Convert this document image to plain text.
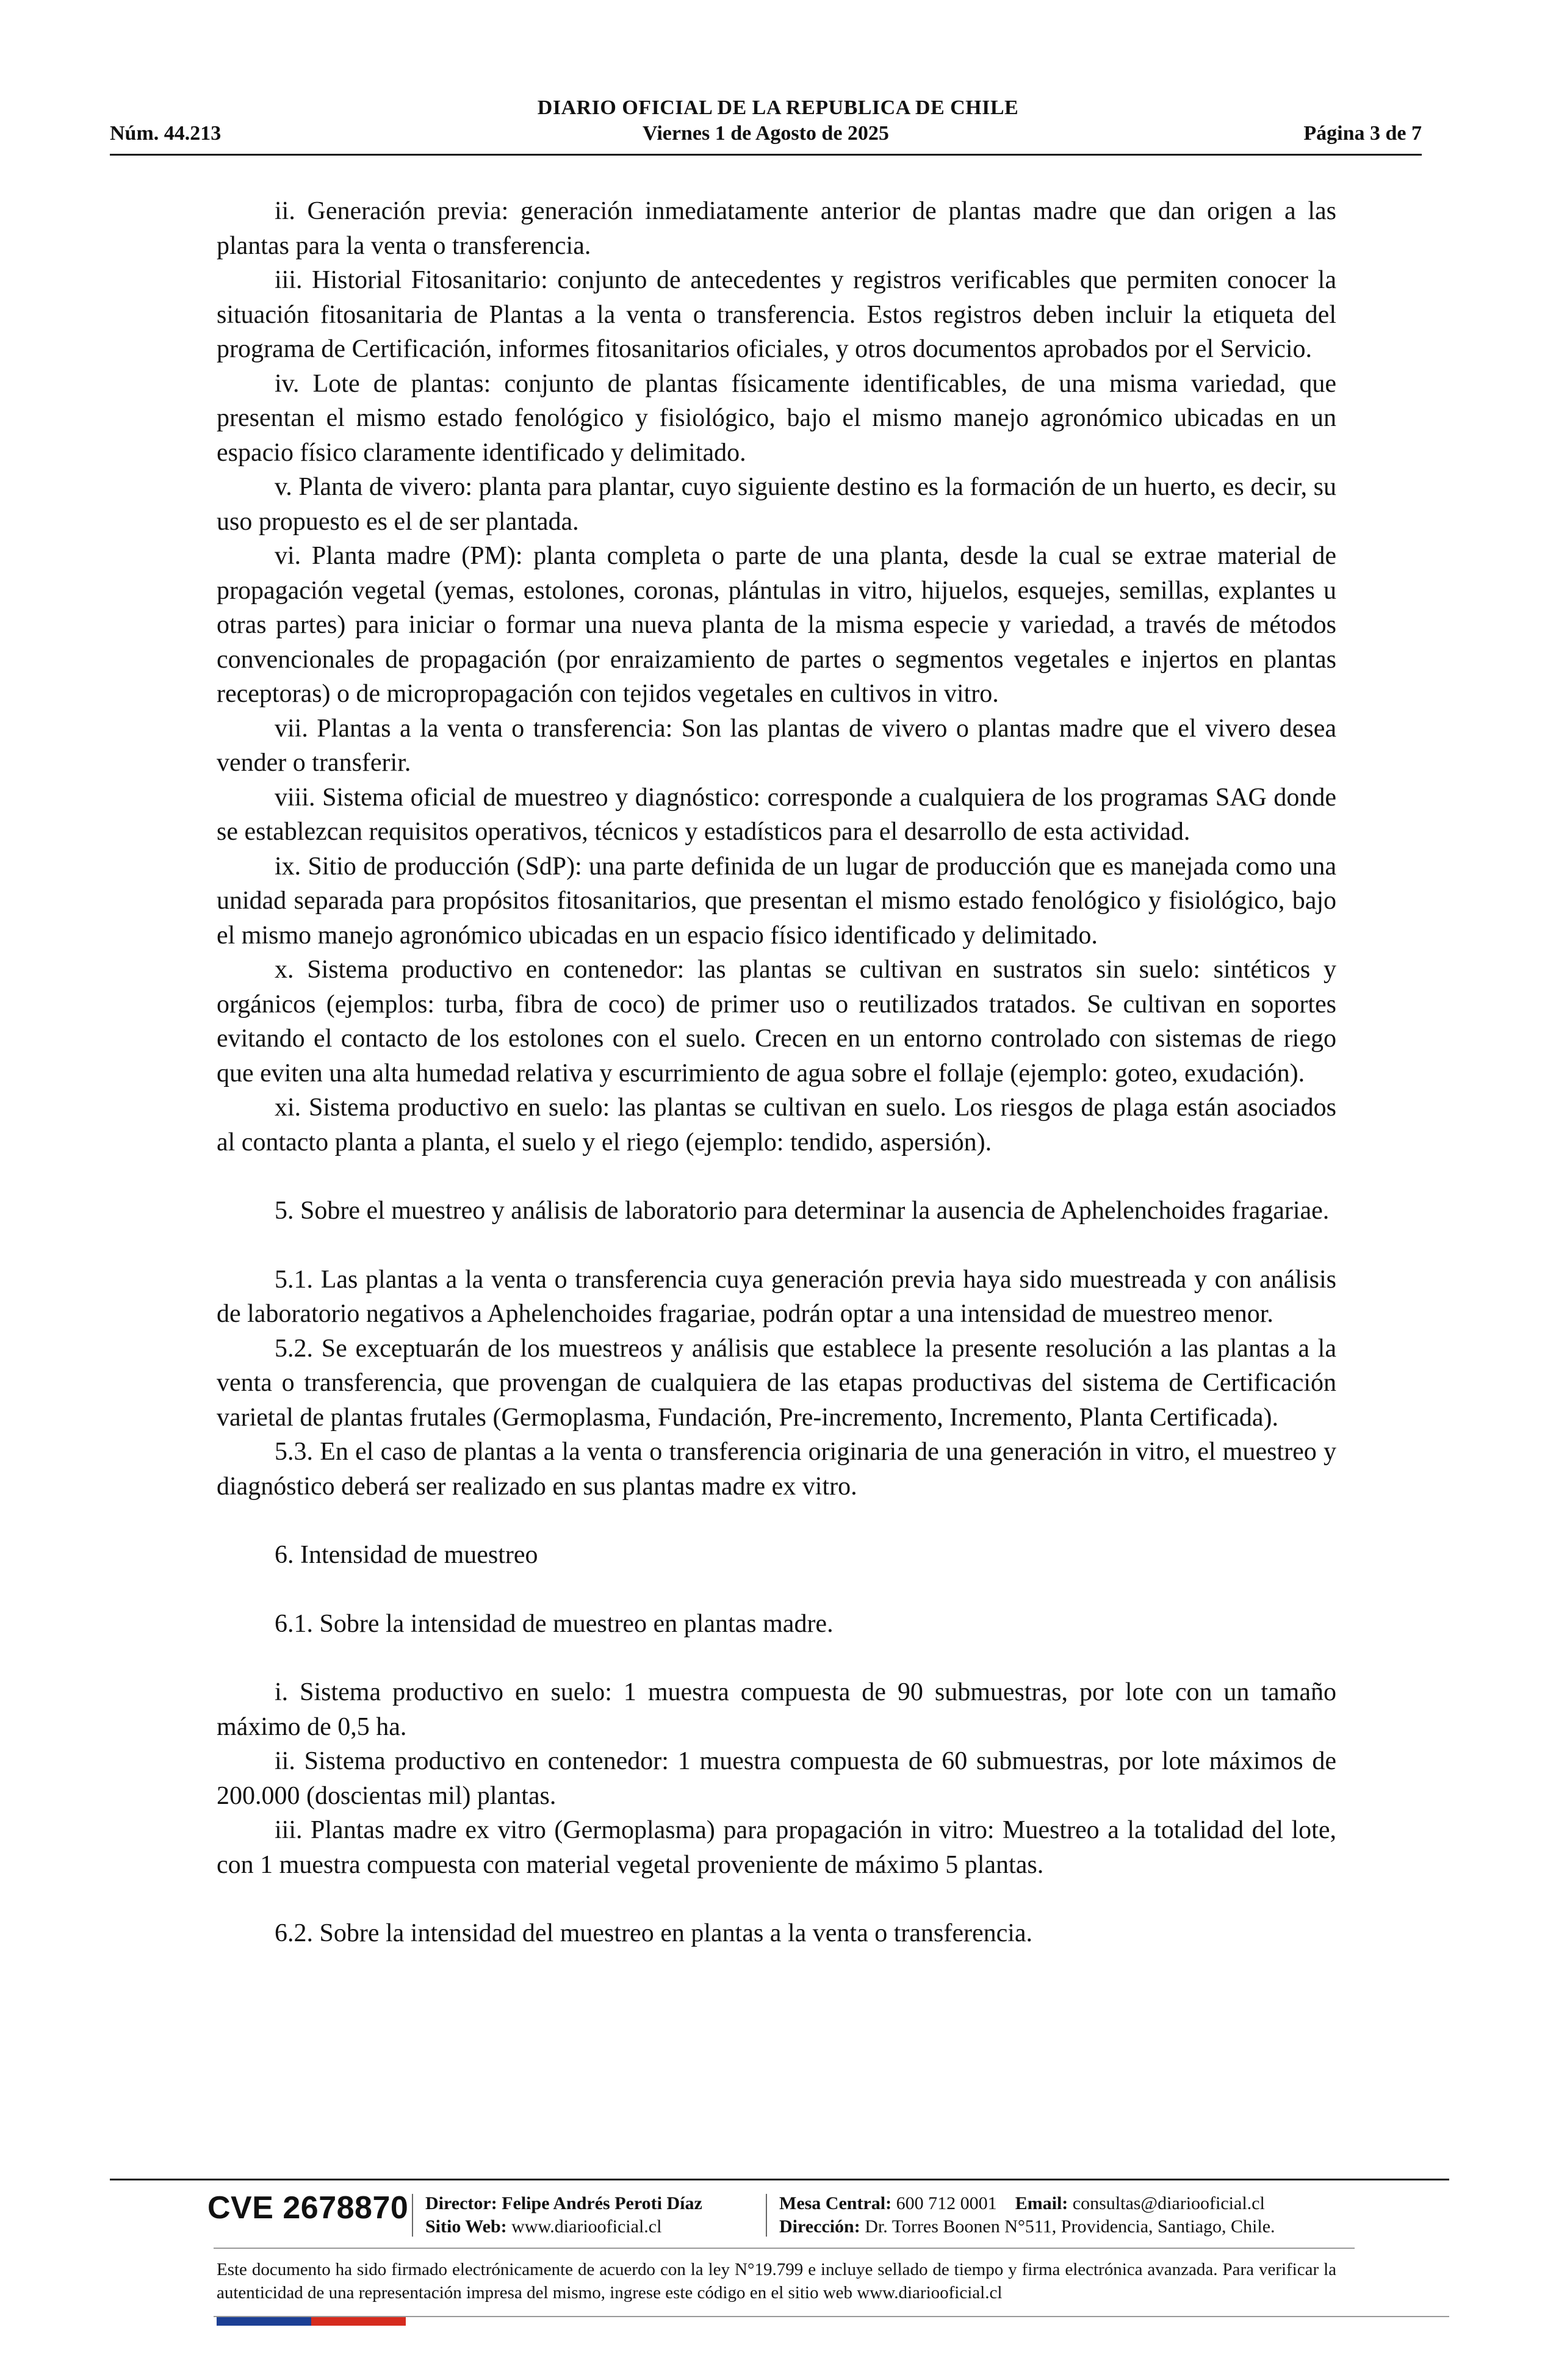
DIARIO OFICIAL DE LA REPUBLICA DE CHILE
Núm. 44.213	Viernes 1 de Agosto de 2025	Página 3 de 7

ii. Generación previa: generación inmediatamente anterior de plantas madre que dan origen a las plantas para la venta o transferencia.

iii. Historial Fitosanitario: conjunto de antecedentes y registros verificables que permiten conocer la situación fitosanitaria de Plantas a la venta o transferencia. Estos registros deben incluir la etiqueta del programa de Certificación, informes fitosanitarios oficiales, y otros documentos aprobados por el Servicio.

iv. Lote de plantas: conjunto de plantas físicamente identificables, de una misma variedad, que presentan el mismo estado fenológico y fisiológico, bajo el mismo manejo agronómico ubicadas en un espacio físico claramente identificado y delimitado.

v. Planta de vivero: planta para plantar, cuyo siguiente destino es la formación de un huerto, es decir, su uso propuesto es el de ser plantada.

vi. Planta madre (PM): planta completa o parte de una planta, desde la cual se extrae material de propagación vegetal (yemas, estolones, coronas, plántulas in vitro, hijuelos, esquejes, semillas, explantes u otras partes) para iniciar o formar una nueva planta de la misma especie y variedad, a través de métodos convencionales de propagación (por enraizamiento de partes o segmentos vegetales e injertos en plantas receptoras) o de micropropagación con tejidos vegetales en cultivos in vitro.

vii. Plantas a la venta o transferencia: Son las plantas de vivero o plantas madre que el vivero desea vender o transferir.

viii. Sistema oficial de muestreo y diagnóstico: corresponde a cualquiera de los programas SAG donde se establezcan requisitos operativos, técnicos y estadísticos para el desarrollo de esta actividad.

ix. Sitio de producción (SdP): una parte definida de un lugar de producción que es manejada como una unidad separada para propósitos fitosanitarios, que presentan el mismo estado fenológico y fisiológico, bajo el mismo manejo agronómico ubicadas en un espacio físico identificado y delimitado.

x. Sistema productivo en contenedor: las plantas se cultivan en sustratos sin suelo: sintéticos y orgánicos (ejemplos: turba, fibra de coco) de primer uso o reutilizados tratados. Se cultivan en soportes evitando el contacto de los estolones con el suelo. Crecen en un entorno controlado con sistemas de riego que eviten una alta humedad relativa y escurrimiento de agua sobre el follaje (ejemplo: goteo, exudación).

xi. Sistema productivo en suelo: las plantas se cultivan en suelo. Los riesgos de plaga están asociados al contacto planta a planta, el suelo y el riego (ejemplo: tendido, aspersión).

5. Sobre el muestreo y análisis de laboratorio para determinar la ausencia de Aphelenchoides fragariae.

5.1. Las plantas a la venta o transferencia cuya generación previa haya sido muestreada y con análisis de laboratorio negativos a Aphelenchoides fragariae, podrán optar a una intensidad de muestreo menor.

5.2. Se exceptuarán de los muestreos y análisis que establece la presente resolución a las plantas a la venta o transferencia, que provengan de cualquiera de las etapas productivas del sistema de Certificación varietal de plantas frutales (Germoplasma, Fundación, Pre-incremento, Incremento, Planta Certificada).

5.3. En el caso de plantas a la venta o transferencia originaria de una generación in vitro, el muestreo y diagnóstico deberá ser realizado en sus plantas madre ex vitro.

6. Intensidad de muestreo

6.1. Sobre la intensidad de muestreo en plantas madre.

i. Sistema productivo en suelo: 1 muestra compuesta de 90 submuestras, por lote con un tamaño máximo de 0,5 ha.

ii. Sistema productivo en contenedor: 1 muestra compuesta de 60 submuestras, por lote máximos de 200.000 (doscientas mil) plantas.

iii. Plantas madre ex vitro (Germoplasma) para propagación in vitro: Muestreo a la totalidad del lote, con 1 muestra compuesta con material vegetal proveniente de máximo 5 plantas.

6.2. Sobre la intensidad del muestreo en plantas a la venta o transferencia.

CVE 2678870 Director: Felipe Andrés Peroti Díaz
Sitio Web: www.diariooficial.cl
Mesa Central: 600 712 0001 Email: consultas@diariooficial.cl
Dirección: Dr. Torres Boonen N°511, Providencia, Santiago, Chile.
Este documento ha sido firmado electrónicamente de acuerdo con la ley N°19.799 e incluye sellado de tiempo y firma electrónica avanzada. Para verificar la autenticidad de una representación impresa del mismo, ingrese este código en el sitio web www.diariooficial.cl
